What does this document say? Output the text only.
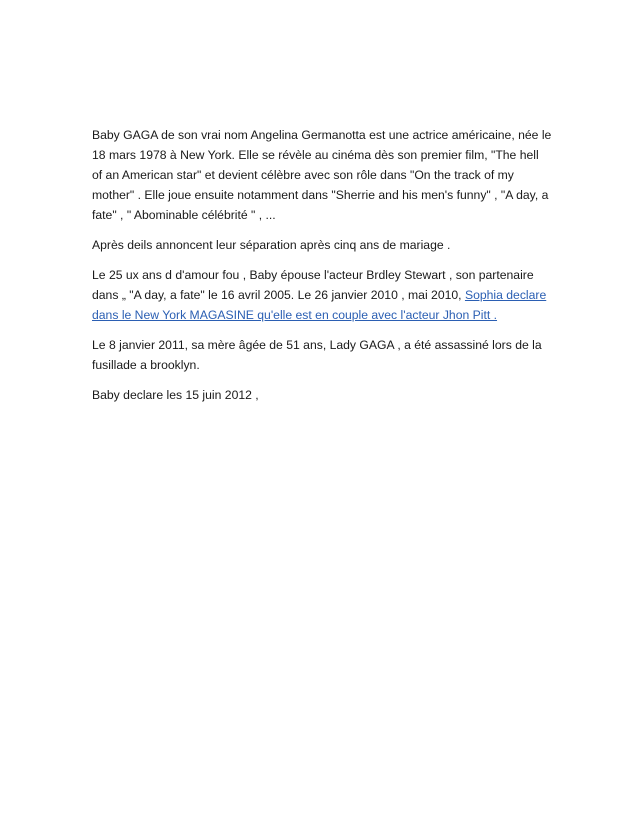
Baby GAGA de son vrai nom Angelina Germanotta est une actrice américaine, née le 18 mars 1978 à New York. Elle se révèle au cinéma dès son premier film, "The hell of an American star" et devient célèbre avec son rôle dans "On the track of my mother" . Elle joue ensuite notamment dans "Sherrie and his men's funny" , "A day, a fate" , " Abominable célébrité " , ...

Après deils annoncent leur séparation après cinq ans de mariage .

Le 25 ux ans d d'amour fou , Baby épouse l'acteur Brdley Stewart , son partenaire dans „ "A day, a fate" le 16 avril 2005. Le 26 janvier 2010 , mai 2010, Sophia declare dans le New York MAGASINE qu'elle est en couple avec l'acteur Jhon Pitt .

Le 8 janvier 2011, sa mère âgée de 51 ans, Lady GAGA , a été assassiné lors de la fusillade a brooklyn.

Baby declare les 15 juin 2012 ,
